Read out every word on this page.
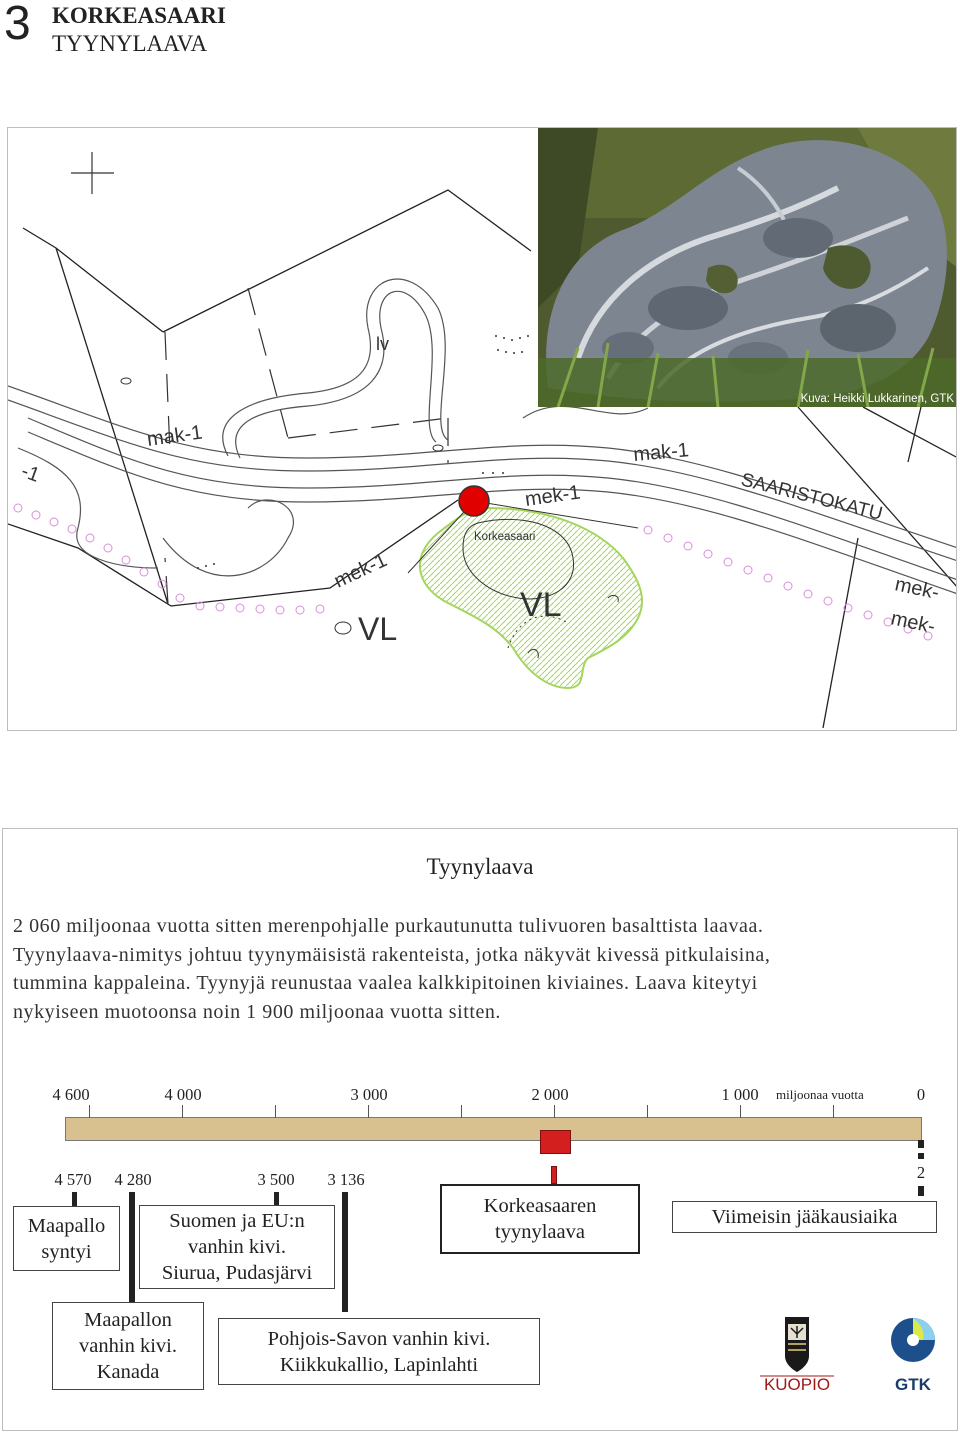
3 KORKEASAARI
TYYNYLAAVA
lv
mak-1
mak-1
mek-1
mek-1
SAARISTOKATU
Korkeasaari
VL
VL
mek-
mek-
-1
Kuva: Heikki Lukkarinen, GTK
Tyynylaava
2 060 miljoonaa vuotta sitten merenpohjalle purkautunutta tulivuoren basalttista laavaa.
Tyynylaava-nimitys johtuu tyynymäisistä rakenteista, jotka näkyvät kivessä pitkulaisina,
tummina kappaleina. Tyynyjä reunustaa vaalea kalkkipitoinen kiviaines. Laava kiteytyi
nykyiseen muotoonsa noin 1 900 miljoonaa vuotta sitten.
4 600	4 000	3 000	2 000	1 000 miljoonaa vuotta	0
4 570 4 280	3 500 3 136	2
Maapallo
syntyi
Suomen ja EU:n
vanhin kivi.
Siurua, Pudasjärvi
Korkeasaaren
tyynylaava
Viimeisin jääkausiaika
Maapallon
vanhin kivi.
Kanada
Pohjois-Savon vanhin kivi.
Kiikkukallio, Lapinlahti
KUOPIO	GTK
